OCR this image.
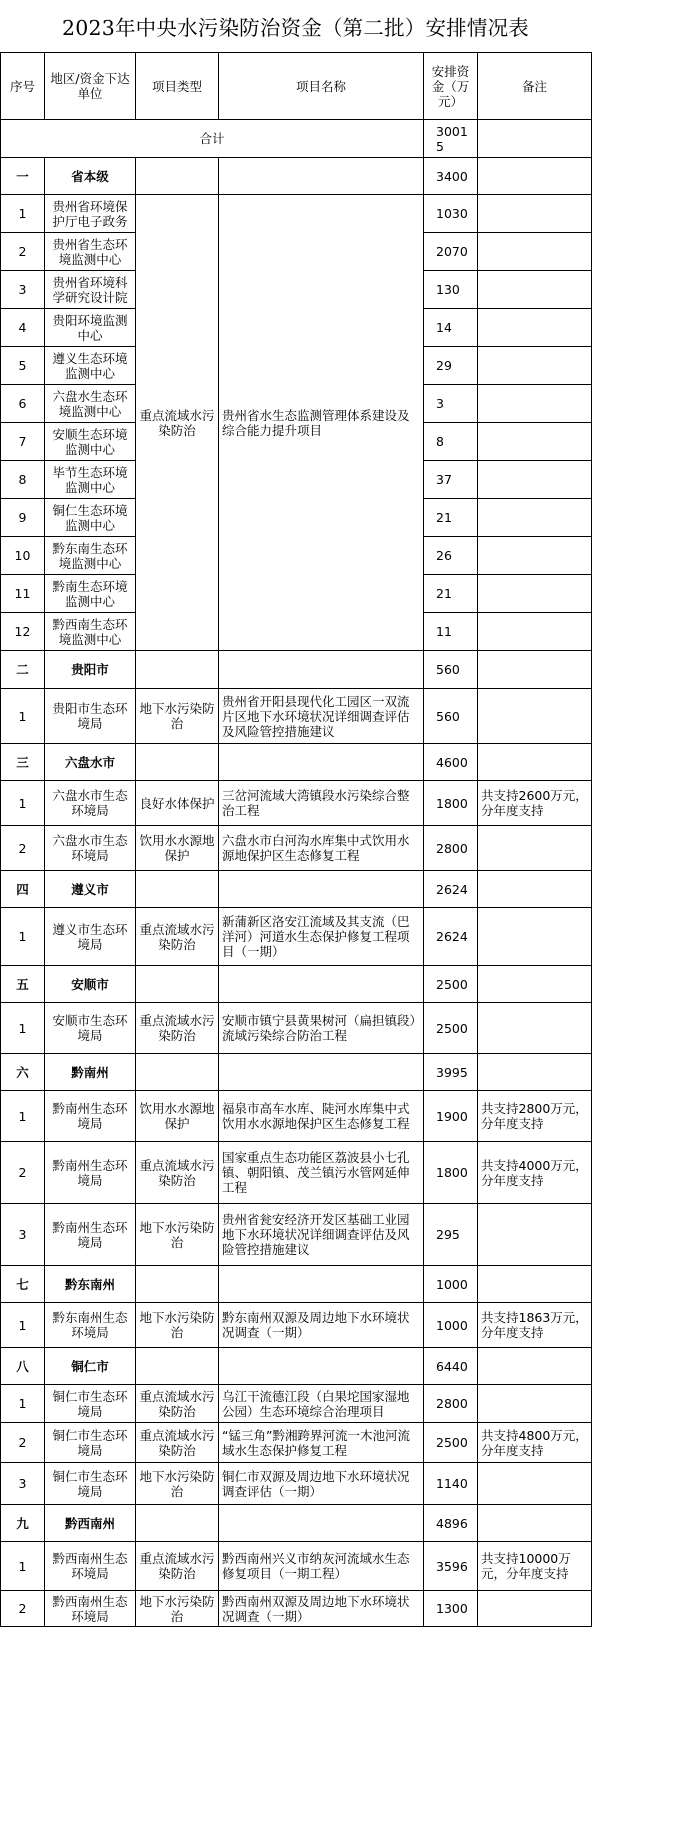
2023年中央水污染防治资金（第二批）安排情况表
序号	地区/资金下达单位	项目类型	项目名称	安排资金（万元）	备注
合计				30015	
一	省本级			3400	
1	贵州省环境保护厅电子政务	重点流域水污染防治	贵州省水生态监测管理体系建设及综合能力提升项目	1030	
2	贵州省生态环境监测中心			2070	
3	贵州省环境科学研究设计院			130	
4	贵阳环境监测中心			14	
5	遵义生态环境监测中心			29	
6	六盘水生态环境监测中心			3	
7	安顺生态环境监测中心			8	
8	毕节生态环境监测中心			37	
9	铜仁生态环境监测中心			21	
10	黔东南生态环境监测中心			26	
11	黔南生态环境监测中心			21	
12	黔西南生态环境监测中心			11	
二	贵阳市			560	
1	贵阳市生态环境局	地下水污染防治	贵州省开阳县现代化工园区一双流片区地下水环境状况详细调查评估及风险管控措施建议	560	
三	六盘水市			4600	
1	六盘水市生态环境局	良好水体保护	三岔河流域大湾镇段水污染综合整治工程	1800	共支持2600万元，分年度支持
2	六盘水市生态环境局	饮用水水源地保护	六盘水市白河沟水库集中式饮用水源地保护区生态修复工程	2800	
四	遵义市			2624	
1	遵义市生态环境局	重点流域水污染防治	新蒲新区洛安江流域及其支流（巴洋河）河道水生态保护修复工程项目（一期）	2624	
五	安顺市			2500	
1	安顺市生态环境局	重点流域水污染防治	安顺市镇宁县黄果树河（扁担镇段）流域污染综合防治工程	2500	
六	黔南州			3995	
1	黔南州生态环境局	饮用水水源地保护	福泉市高车水库、陡河水库集中式饮用水水源地保护区生态修复工程	1900	共支持2800万元，分年度支持
2	黔南州生态环境局	重点流域水污染防治	国家重点生态功能区荔波县小七孔镇、朝阳镇、茂兰镇污水管网延伸工程	1800	共支持4000万元，分年度支持
3	黔南州生态环境局	地下水污染防治	贵州省瓮安经济开发区基础工业园地下水环境状况详细调查评估及风险管控措施建议	295	
七	黔东南州			1000	
1	黔东南州生态环境局	地下水污染防治	黔东南州双源及周边地下水环境状况调查（一期）	1000	共支持1863万元，分年度支持
八	铜仁市			6440	
1	铜仁市生态环境局	重点流域水污染防治	乌江干流德江段（白果坨国家湿地公园）生态环境综合治理项目	2800	
2	铜仁市生态环境局	重点流域水污染防治	“锰三角”黔湘跨界河流一木池河流域水生态保护修复工程	2500	共支持4800万元，分年度支持
3	铜仁市生态环境局	地下水污染防治	铜仁市双源及周边地下水环境状况调查评估（一期）	1140	
九	黔西南州			4896	
1	黔西南州生态环境局	重点流域水污染防治	黔西南州兴义市纳灰河流域水生态修复项目（一期工程）	3596	共支持10000万元，分年度支持
2	黔西南州生态环境局	地下水污染防治	黔西南州双源及周边地下水环境状况调查（一期）	1300	
